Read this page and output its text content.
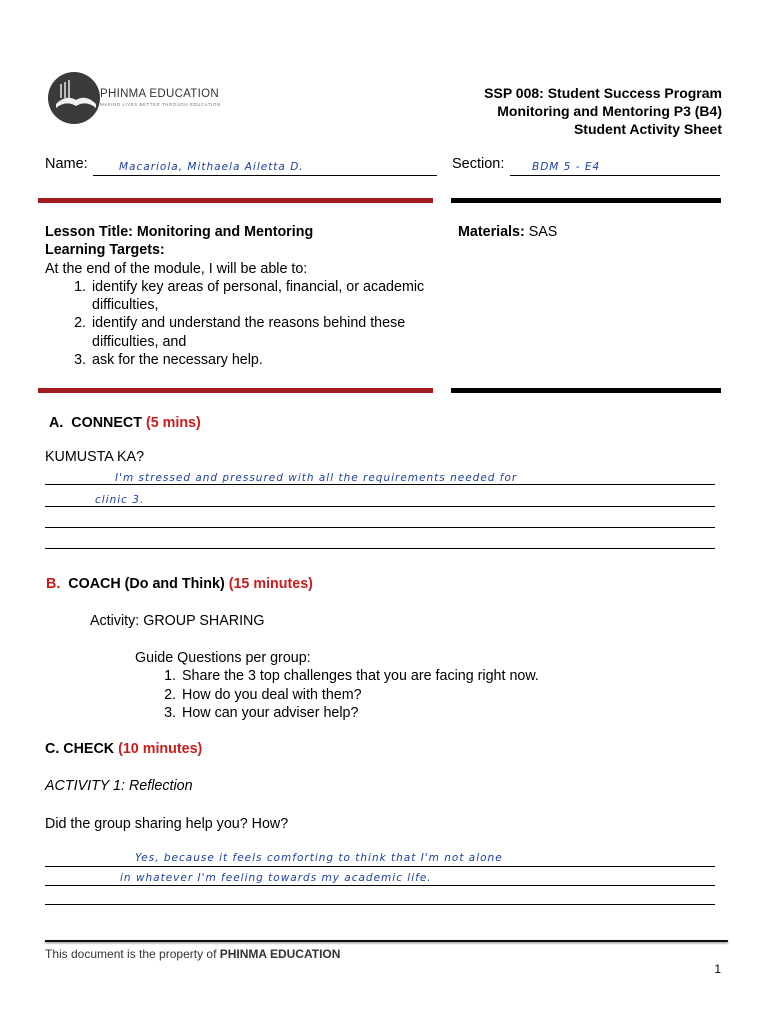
PHINMA EDUCATION
MAKING LIVES BETTER THROUGH EDUCATION
SSP 008: Student Success Program
Monitoring and Mentoring P3 (B4)
Student Activity Sheet
Name:	Macariola, Mithaela Ailetta D.	Section:	BDM 5 - E4
Lesson Title: Monitoring and Mentoring
Learning Targets:
At the end of the module, I will be able to:
1. identify key areas of personal, financial, or academic difficulties,
2. identify and understand the reasons behind these difficulties, and
3. ask for the necessary help.
Materials: SAS
A. CONNECT (5 mins)
KUMUSTA KA?
I'm stressed and pressured with all the requirements needed for
clinic 3.
B. COACH (Do and Think) (15 minutes)
Activity: GROUP SHARING
Guide Questions per group:
1. Share the 3 top challenges that you are facing right now.
2. How do you deal with them?
3. How can your adviser help?
C. CHECK (10 minutes)
ACTIVITY 1: Reflection
Did the group sharing help you? How?
Yes, because it feels comforting to think that I'm not alone
in whatever I'm feeling towards my academic life.
This document is the property of PHINMA EDUCATION
1
